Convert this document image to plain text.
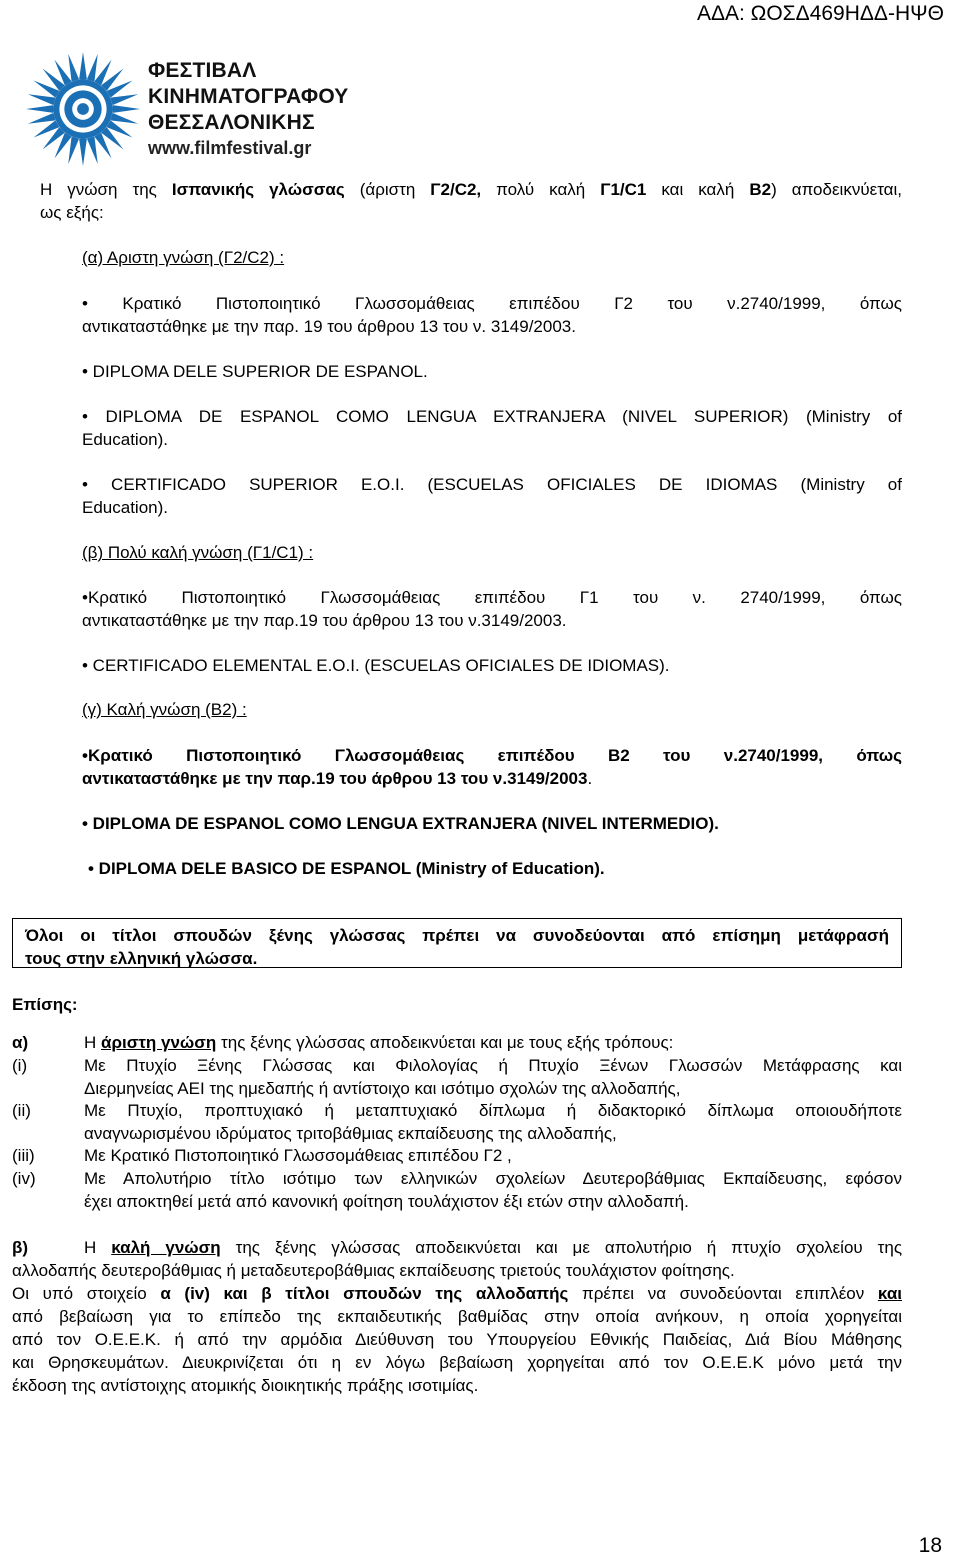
ΑΔΑ: ΩΟΣΔ469ΗΔΔ-ΗΨΘ
ΦΕΣΤΙΒΑΛ
ΚΙΝΗΜΑΤΟΓΡΑΦΟΥ
ΘΕΣΣΑΛΟΝΙΚΗΣ
www.filmfestival.gr

Η γνώση της Ισπανικής γλώσσας (άριστη Γ2/C2, πολύ καλή Γ1/C1 και καλή Β2) αποδεικνύεται,

ως εξής:

(α) Αριστη γνώση (Γ2/C2) :

• Κρατικό Πιστοποιητικό Γλωσσομάθειας επιπέδου Γ2 του ν.2740/1999, όπως

αντικαταστάθηκε με την παρ. 19 του άρθρου 13 του ν. 3149/2003.

• DIPLOMA DELE SUPERIOR DE ESPANOL.

• DIPLOMA DE ESPANOL COMO LENGUA EXTRANJERA (NIVEL SUPERIOR) (Ministry of

Education).

• CERTIFICADO SUPERIOR E.O.I. (ESCUELAS OFICIALES DE IDIOMAS (Ministry of

Education).

(β) Πολύ καλή γνώση (Γ1/C1) :

•Κρατικό Πιστοποιητικό Γλωσσομάθειας επιπέδου Γ1 του ν. 2740/1999, όπως

αντικαταστάθηκε με την παρ.19 του άρθρου 13 του ν.3149/2003.

• CERTIFICADO ELEMENTAL E.O.I. (ESCUELAS OFICIALES DE IDIOMAS).

(γ) Καλή γνώση (Β2) :

•Κρατικό Πιστοποιητικό Γλωσσομάθειας επιπέδου Β2 του ν.2740/1999, όπως

αντικαταστάθηκε με την παρ.19 του άρθρου 13 του ν.3149/2003.

• DIPLOMA DE ESPANOL COMO LENGUA EXTRANJERA (NIVEL INTERMEDIO).

• DIPLOMA DELE BASICO DE ESPANOL (Ministry of Education).

Όλοι οι τίτλοι σπουδών ξένης γλώσσας πρέπει να συνοδεύονται από επίσημη μετάφρασή
τους στην ελληνική γλώσσα.
Επίσης:
α)	Η άριστη γνώση της ξένης γλώσσας αποδεικνύεται και με τους εξής τρόπους:
(i)	Με Πτυχίο Ξένης Γλώσσας και Φιλολογίας ή Πτυχίο Ξένων Γλωσσών Μετάφρασης και
Διερμηνείας ΑΕΙ της ημεδαπής ή αντίστοιχο και ισότιμο σχολών της αλλοδαπής,
(ii)	Με Πτυχίο, προπτυχιακό ή μεταπτυχιακό δίπλωμα ή διδακτορικό δίπλωμα οποιουδήποτε
αναγνωρισμένου ιδρύματος τριτοβάθμιας εκπαίδευσης της αλλοδαπής,
(iii)	Με Κρατικό Πιστοποιητικό Γλωσσομάθειας επιπέδου Γ2 ,
(iv)	Με Απολυτήριο τίτλο ισότιμο των ελληνικών σχολείων Δευτεροβάθμιας Εκπαίδευσης, εφόσον
έχει αποκτηθεί μετά από κανονική φοίτηση τουλάχιστον έξι ετών στην αλλοδαπή.
β)	Η καλή γνώση της ξένης γλώσσας αποδεικνύεται και με απολυτήριο ή πτυχίο σχολείου της

αλλοδαπής δευτεροβάθμιας ή μεταδευτεροβάθμιας εκπαίδευσης τριετούς τουλάχιστον φοίτησης.

Οι υπό στοιχείο α (iv) και β τίτλοι σπουδών της αλλοδαπής πρέπει να συνοδεύονται επιπλέον και

από βεβαίωση για το επίπεδο της εκπαιδευτικής βαθμίδας στην οποία ανήκουν, η οποία χορηγείται

από τον Ο.Ε.Ε.Κ. ή από την αρμόδια Διεύθυνση του Υπουργείου Εθνικής Παιδείας, Διά Βίου Μάθησης

και Θρησκευμάτων. Διευκρινίζεται ότι η εν λόγω βεβαίωση χορηγείται από τον Ο.Ε.Ε.Κ μόνο μετά την

έκδοση της αντίστοιχης ατομικής διοικητικής πράξης ισοτιμίας.

18
